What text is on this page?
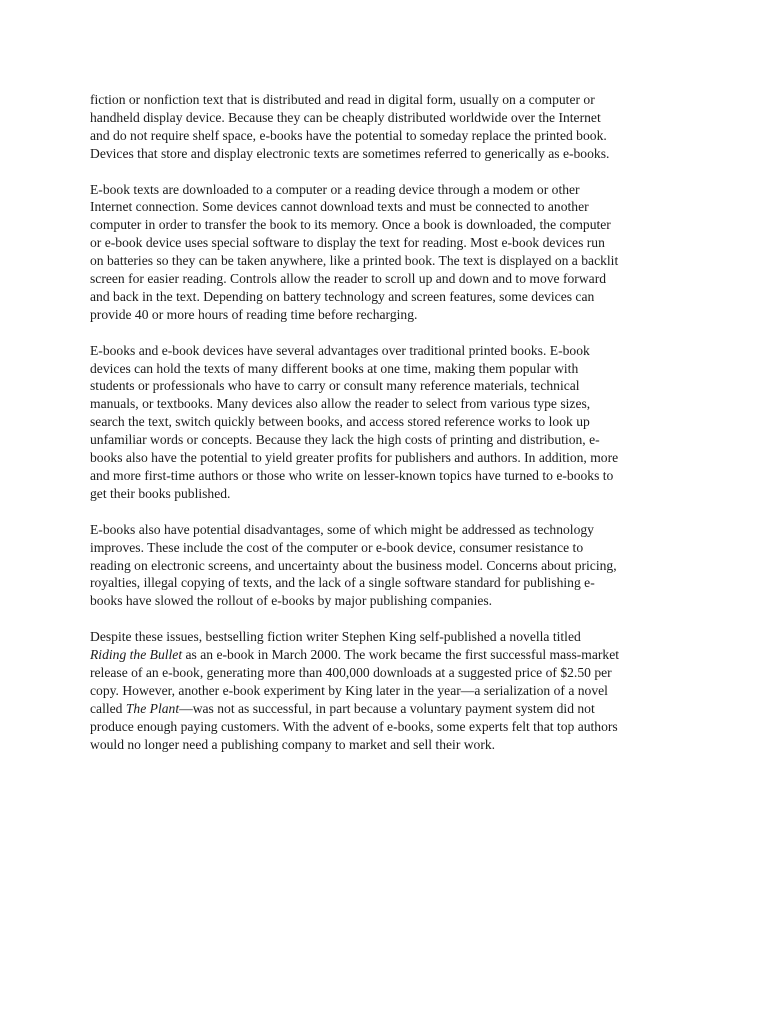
fiction or nonfiction text that is distributed and read in digital form, usually on a computer or
handheld display device. Because they can be cheaply distributed worldwide over the Internet
and do not require shelf space, e-books have the potential to someday replace the printed book.
Devices that store and display electronic texts are sometimes referred to generically as e-books.

E-book texts are downloaded to a computer or a reading device through a modem or other
Internet connection. Some devices cannot download texts and must be connected to another
computer in order to transfer the book to its memory. Once a book is downloaded, the computer
or e-book device uses special software to display the text for reading. Most e-book devices run
on batteries so they can be taken anywhere, like a printed book. The text is displayed on a backlit
screen for easier reading. Controls allow the reader to scroll up and down and to move forward
and back in the text. Depending on battery technology and screen features, some devices can
provide 40 or more hours of reading time before recharging.

E-books and e-book devices have several advantages over traditional printed books. E-book
devices can hold the texts of many different books at one time, making them popular with
students or professionals who have to carry or consult many reference materials, technical
manuals, or textbooks. Many devices also allow the reader to select from various type sizes,
search the text, switch quickly between books, and access stored reference works to look up
unfamiliar words or concepts. Because they lack the high costs of printing and distribution, e-
books also have the potential to yield greater profits for publishers and authors. In addition, more
and more first-time authors or those who write on lesser-known topics have turned to e-books to
get their books published.

E-books also have potential disadvantages, some of which might be addressed as technology
improves. These include the cost of the computer or e-book device, consumer resistance to
reading on electronic screens, and uncertainty about the business model. Concerns about pricing,
royalties, illegal copying of texts, and the lack of a single software standard for publishing e-
books have slowed the rollout of e-books by major publishing companies.

Despite these issues, bestselling fiction writer Stephen King self-published a novella titled
Riding the Bullet as an e-book in March 2000. The work became the first successful mass-market
release of an e-book, generating more than 400,000 downloads at a suggested price of $2.50 per
copy. However, another e-book experiment by King later in the year—a serialization of a novel
called The Plant—was not as successful, in part because a voluntary payment system did not
produce enough paying customers. With the advent of e-books, some experts felt that top authors
would no longer need a publishing company to market and sell their work.
